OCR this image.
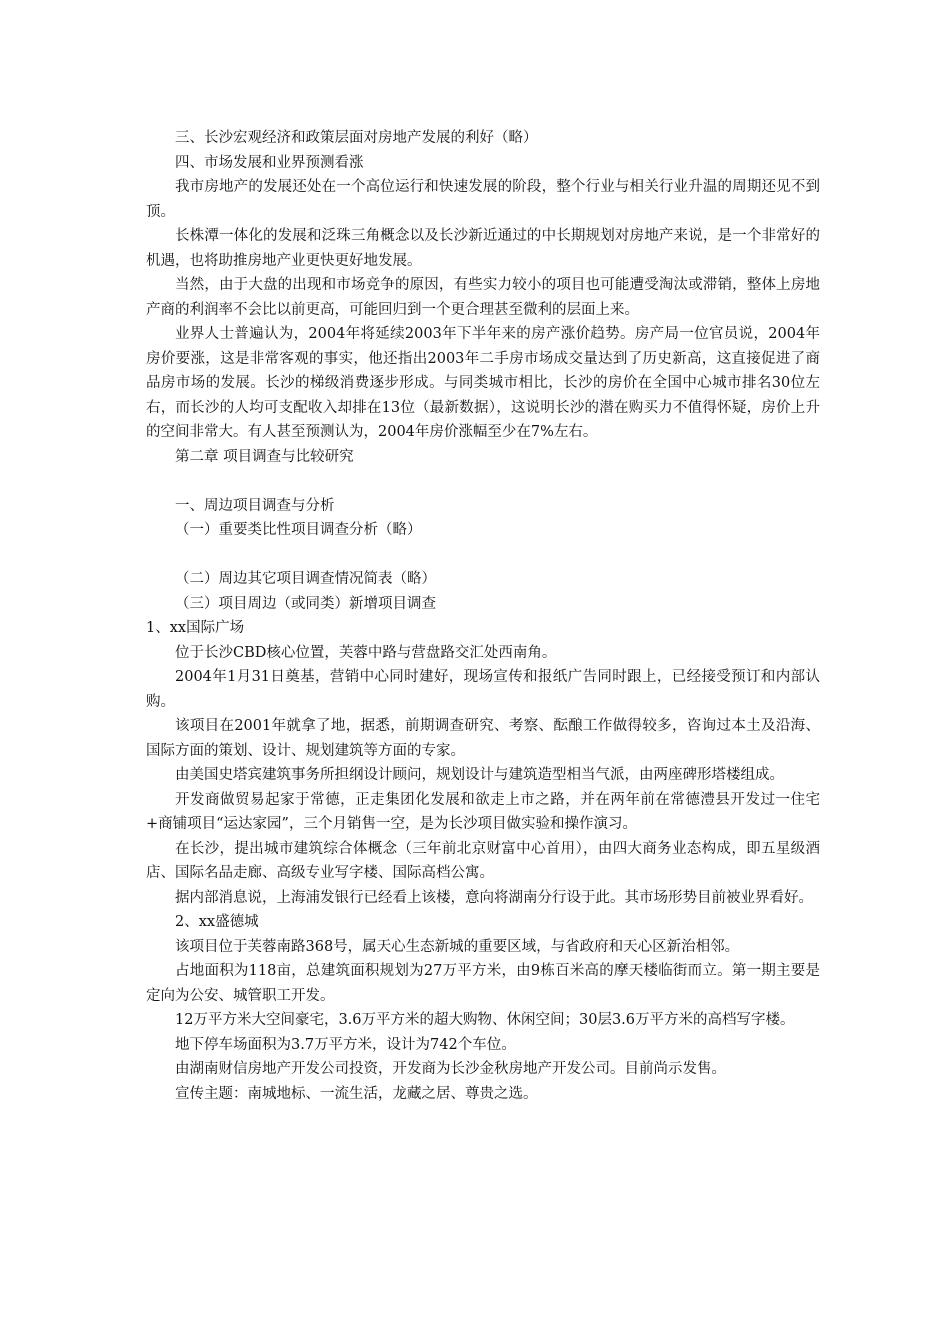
三、长沙宏观经济和政策层面对房地产发展的利好（略）

四、市场发展和业界预测看涨

我市房地产的发展还处在一个高位运行和快速发展的阶段，整个行业与相关行业升温的周期还见不到顶。

长株潭一体化的发展和泛珠三角概念以及长沙新近通过的中长期规划对房地产来说，是一个非常好的机遇，也将助推房地产业更快更好地发展。

当然，由于大盘的出现和市场竞争的原因，有些实力较小的项目也可能遭受淘汰或滞销，整体上房地产商的利润率不会比以前更高，可能回归到一个更合理甚至微利的层面上来。

业界人士普遍认为，2004年将延续2003年下半年来的房产涨价趋势。房产局一位官员说，2004年房价要涨，这是非常客观的事实，他还指出2003年二手房市场成交量达到了历史新高，这直接促进了商品房市场的发展。长沙的梯级消费逐步形成。与同类城市相比，长沙的房价在全国中心城市排名30位左右，而长沙的人均可支配收入却排在13位（最新数据），这说明长沙的潜在购买力不值得怀疑，房价上升的空间非常大。有人甚至预测认为，2004年房价涨幅至少在7%左右。

第二章 项目调查与比较研究

一、周边项目调查与分析

（一）重要类比性项目调查分析（略）

（二）周边其它项目调查情况简表（略）

（三）项目周边（或同类）新增项目调查

1、xx国际广场

位于长沙CBD核心位置，芙蓉中路与营盘路交汇处西南角。

2004年1月31日奠基，营销中心同时建好，现场宣传和报纸广告同时跟上，已经接受预订和内部认购。

该项目在2001年就拿了地，据悉，前期调查研究、考察、酝酿工作做得较多，咨询过本土及沿海、国际方面的策划、设计、规划建筑等方面的专家。

由美国史塔宾建筑事务所担纲设计顾问，规划设计与建筑造型相当气派，由两座碑形塔楼组成。

开发商做贸易起家于常德，正走集团化发展和欲走上市之路，并在两年前在常德澧县开发过一住宅+商铺项目“运达家园”，三个月销售一空，是为长沙项目做实验和操作演习。

在长沙，提出城市建筑综合体概念（三年前北京财富中心首用），由四大商务业态构成，即五星级酒店、国际名品走廊、高级专业写字楼、国际高档公寓。

据内部消息说，上海浦发银行已经看上该楼，意向将湖南分行设于此。其市场形势目前被业界看好。

2、xx盛德城

该项目位于芙蓉南路368号，属天心生态新城的重要区域，与省政府和天心区新治相邻。

占地面积为118亩，总建筑面积规划为27万平方米，由9栋百米高的摩天楼临街而立。第一期主要是定向为公安、城管职工开发。

12万平方米大空间豪宅，3.6万平方米的超大购物、休闲空间；30层3.6万平方米的高档写字楼。

地下停车场面积为3.7万平方米，设计为742个车位。

由湖南财信房地产开发公司投资，开发商为长沙金秋房地产开发公司。目前尚示发售。

宣传主题：南城地标、一流生活，龙藏之居、尊贵之选。
